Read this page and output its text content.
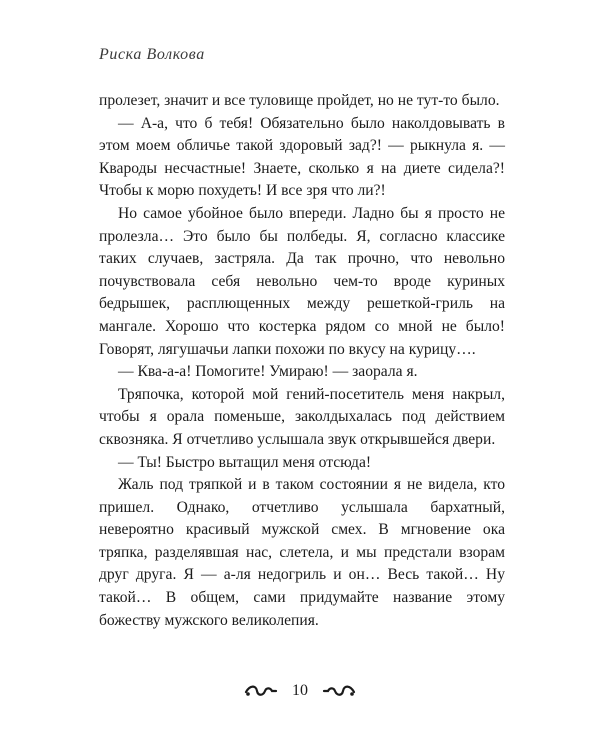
Риска Волкова

пролезет, значит и все туловище пройдет, но не тут-то было.

— А-а, что б тебя! Обязательно было наколдовывать в этом моем обличье такой здоровый зад?! — рыкнула я. — Квароды несчастные! Знаете, сколько я на диете сидела?! Чтобы к морю похудеть! И все зря что ли?!

Но самое убойное было впереди. Ладно бы я просто не пролезла… Это было бы полбеды. Я, согласно классике таких случаев, застряла. Да так прочно, что невольно почувствовала себя невольно чем-то вроде куриных бедрышек, расплющенных между решеткой-гриль на мангале. Хорошо что костерка рядом со мной не было! Говорят, лягушачьи лапки похожи по вкусу на курицу….

— Ква-а-а! Помогите! Умираю! — заорала я.

Тряпочка, которой мой гений-посетитель меня накрыл, чтобы я орала поменьше, заколдыхалась под действием сквозняка. Я отчетливо услышала звук открывшейся двери.

— Ты! Быстро вытащил меня отсюда!

Жаль под тряпкой и в таком состоянии я не видела, кто пришел. Однако, отчетливо услышала бархатный, невероятно красивый мужской смех. В мгновение ока тряпка, разделявшая нас, слетела, и мы предстали взорам друг друга. Я — а-ля недогриль и он… Весь такой… Ну такой… В общем, сами придумайте название этому божеству мужского великолепия.

10
